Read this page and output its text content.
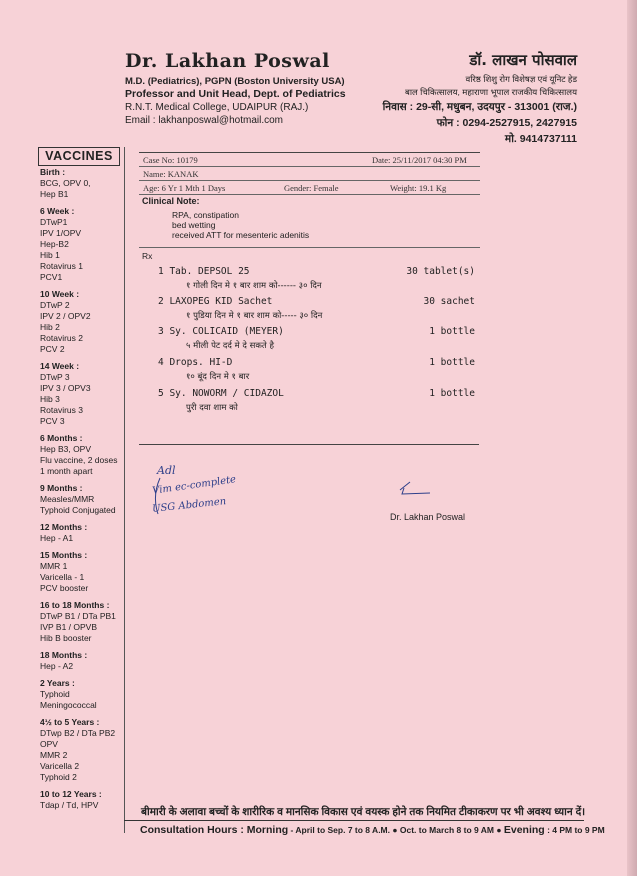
Dr. Lakhan Poswal
M.D. (Pediatrics), PGPN (Boston University USA)
Professor and Unit Head, Dept. of Pediatrics
R.N.T. Medical College, UDAIPUR (RAJ.)
Email : lakhanposwal@hotmail.com
डॉ. लाखन पोसवाल
वरिष्ठ शिशु रोग विशेषज्ञ एवं यूनिट हेड
बाल चिकित्सालय, महाराणा भूपाल राजकीय चिकित्सालय
निवास : 29-सी, मधुबन, उदयपुर - 313001 (राज.)
फोन : 0294-2527915, 2427915
मो. 9414737111
VACCINES
Birth :
BCG, OPV 0,
Hep B1
6 Week :
DTwP1
IPV 1/OPV
Hep-B2
Hib 1
Rotavirus 1
PCV1
10 Week :
DTwP 2
IPV 2 / OPV2
Hib 2
Rotavirus 2
PCV 2
14 Week :
DTwP 3
IPV 3 / OPV3
Hib 3
Rotavirus 3
PCV 3
6 Months :
Hep B3, OPV
Flu vaccine, 2 doses
1 month apart
9 Months :
Measles/MMR
Typhoid Conjugated
12 Months :
Hep - A1
15 Months :
MMR 1
Varicella - 1
PCV booster
16 to 18 Months :
DTwP B1 / DTa PB1
IVP B1 / OPVB
Hib B booster
18 Months :
Hep - A2
2 Years :
Typhoid
Meningococcal
4½ to 5 Years :
DTwp B2 / DTa PB2
OPV
MMR 2
Varicella 2
Typhoid 2
10 to 12 Years :
Tdap / Td, HPV
Case No: 10179	Date: 25/11/2017 04:30 PM
Name: KANAK
Age: 6 Yr 1 Mth 1 Days	Gender: Female	Weight: 19.1 Kg
Clinical Note:
RPA, constipation
bed wetting
received ATT for mesenteric adenitis
Rx
1 Tab. DEPSOL 25	30 tablet(s)
१ गोली दिन मे १ बार शाम को------ ३० दिन
2 LAXOPEG KID Sachet	30 sachet
१ पुडिया दिन मे १ बार शाम को----- ३० दिन
3 Sy. COLICAID (MEYER)	1 bottle
५ मीली पेट दर्द मे दे सकते है
4 Drops. HI-D	1 bottle
१० बूंद दिन मे १ बार
5 Sy. NOWORM / CIDAZOL	1 bottle
पुरी दवा शाम को
Adl
Vim ec-complete
USG Abdomen
Dr. Lakhan Poswal
बीमारी के अलावा बच्चों के शारीरिक व मानसिक विकास एवं वयस्क होने तक नियमित टीकाकरण पर भी अवश्य ध्यान दें।
Consultation Hours : Morning - April to Sep. 7 to 8 A.M. ● Oct. to March 8 to 9 AM ● Evening : 4 PM to 9 PM
